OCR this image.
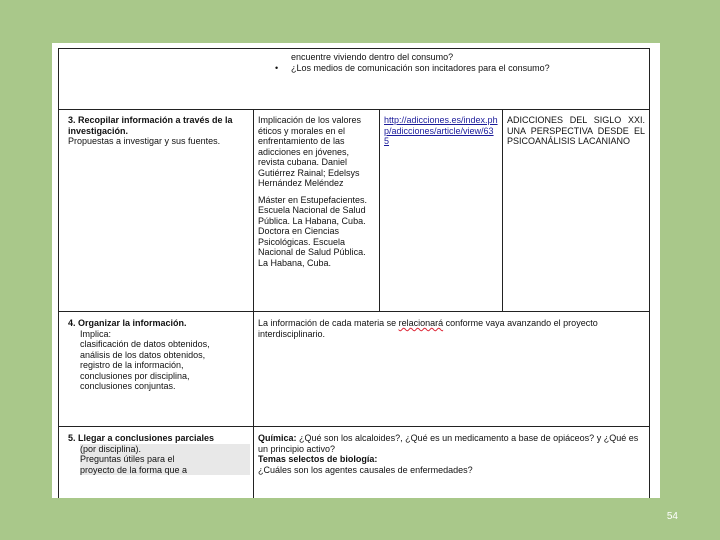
encuentre viviendo dentro del consumo?

• ¿Los medios de comunicación son incitadores para el consumo?

3. Recopilar información a través de la investigación.

Propuestas a investigar y sus fuentes.

Implicación de los valores éticos y morales en el enfrentamiento de las adicciones en jóvenes, revista cubana. Daniel Gutiérrez Rainal; Edelsys Hernández Meléndez

Máster en Estupefacientes. Escuela Nacional de Salud Pública. La Habana, Cuba.

Doctora en Ciencias Psicológicas. Escuela Nacional de Salud Pública. La Habana, Cuba.

http://adicciones.es/index.php/adicciones/article/view/635

ADICCIONES DEL SIGLO XXI. UNA PERSPECTIVA DESDE EL PSICOANÁLISIS LACANIANO

4. Organizar la información.

Implica:

clasificación de datos obtenidos,

análisis de los datos obtenidos,

registro de la información,

conclusiones por disciplina,

conclusiones conjuntas.

La información de cada materia se relacionará conforme vaya avanzando el proyecto interdisciplinario.

5. Llegar a conclusiones parciales

(por disciplina).

Preguntas útiles para el

proyecto de la forma que a

Química: ¿Qué son los alcaloides?, ¿Qué es un medicamento a base de opiáceos? y ¿Qué es un principio activo?

Temas selectos de biología:

¿Cuáles son los agentes causales de enfermedades?

54
